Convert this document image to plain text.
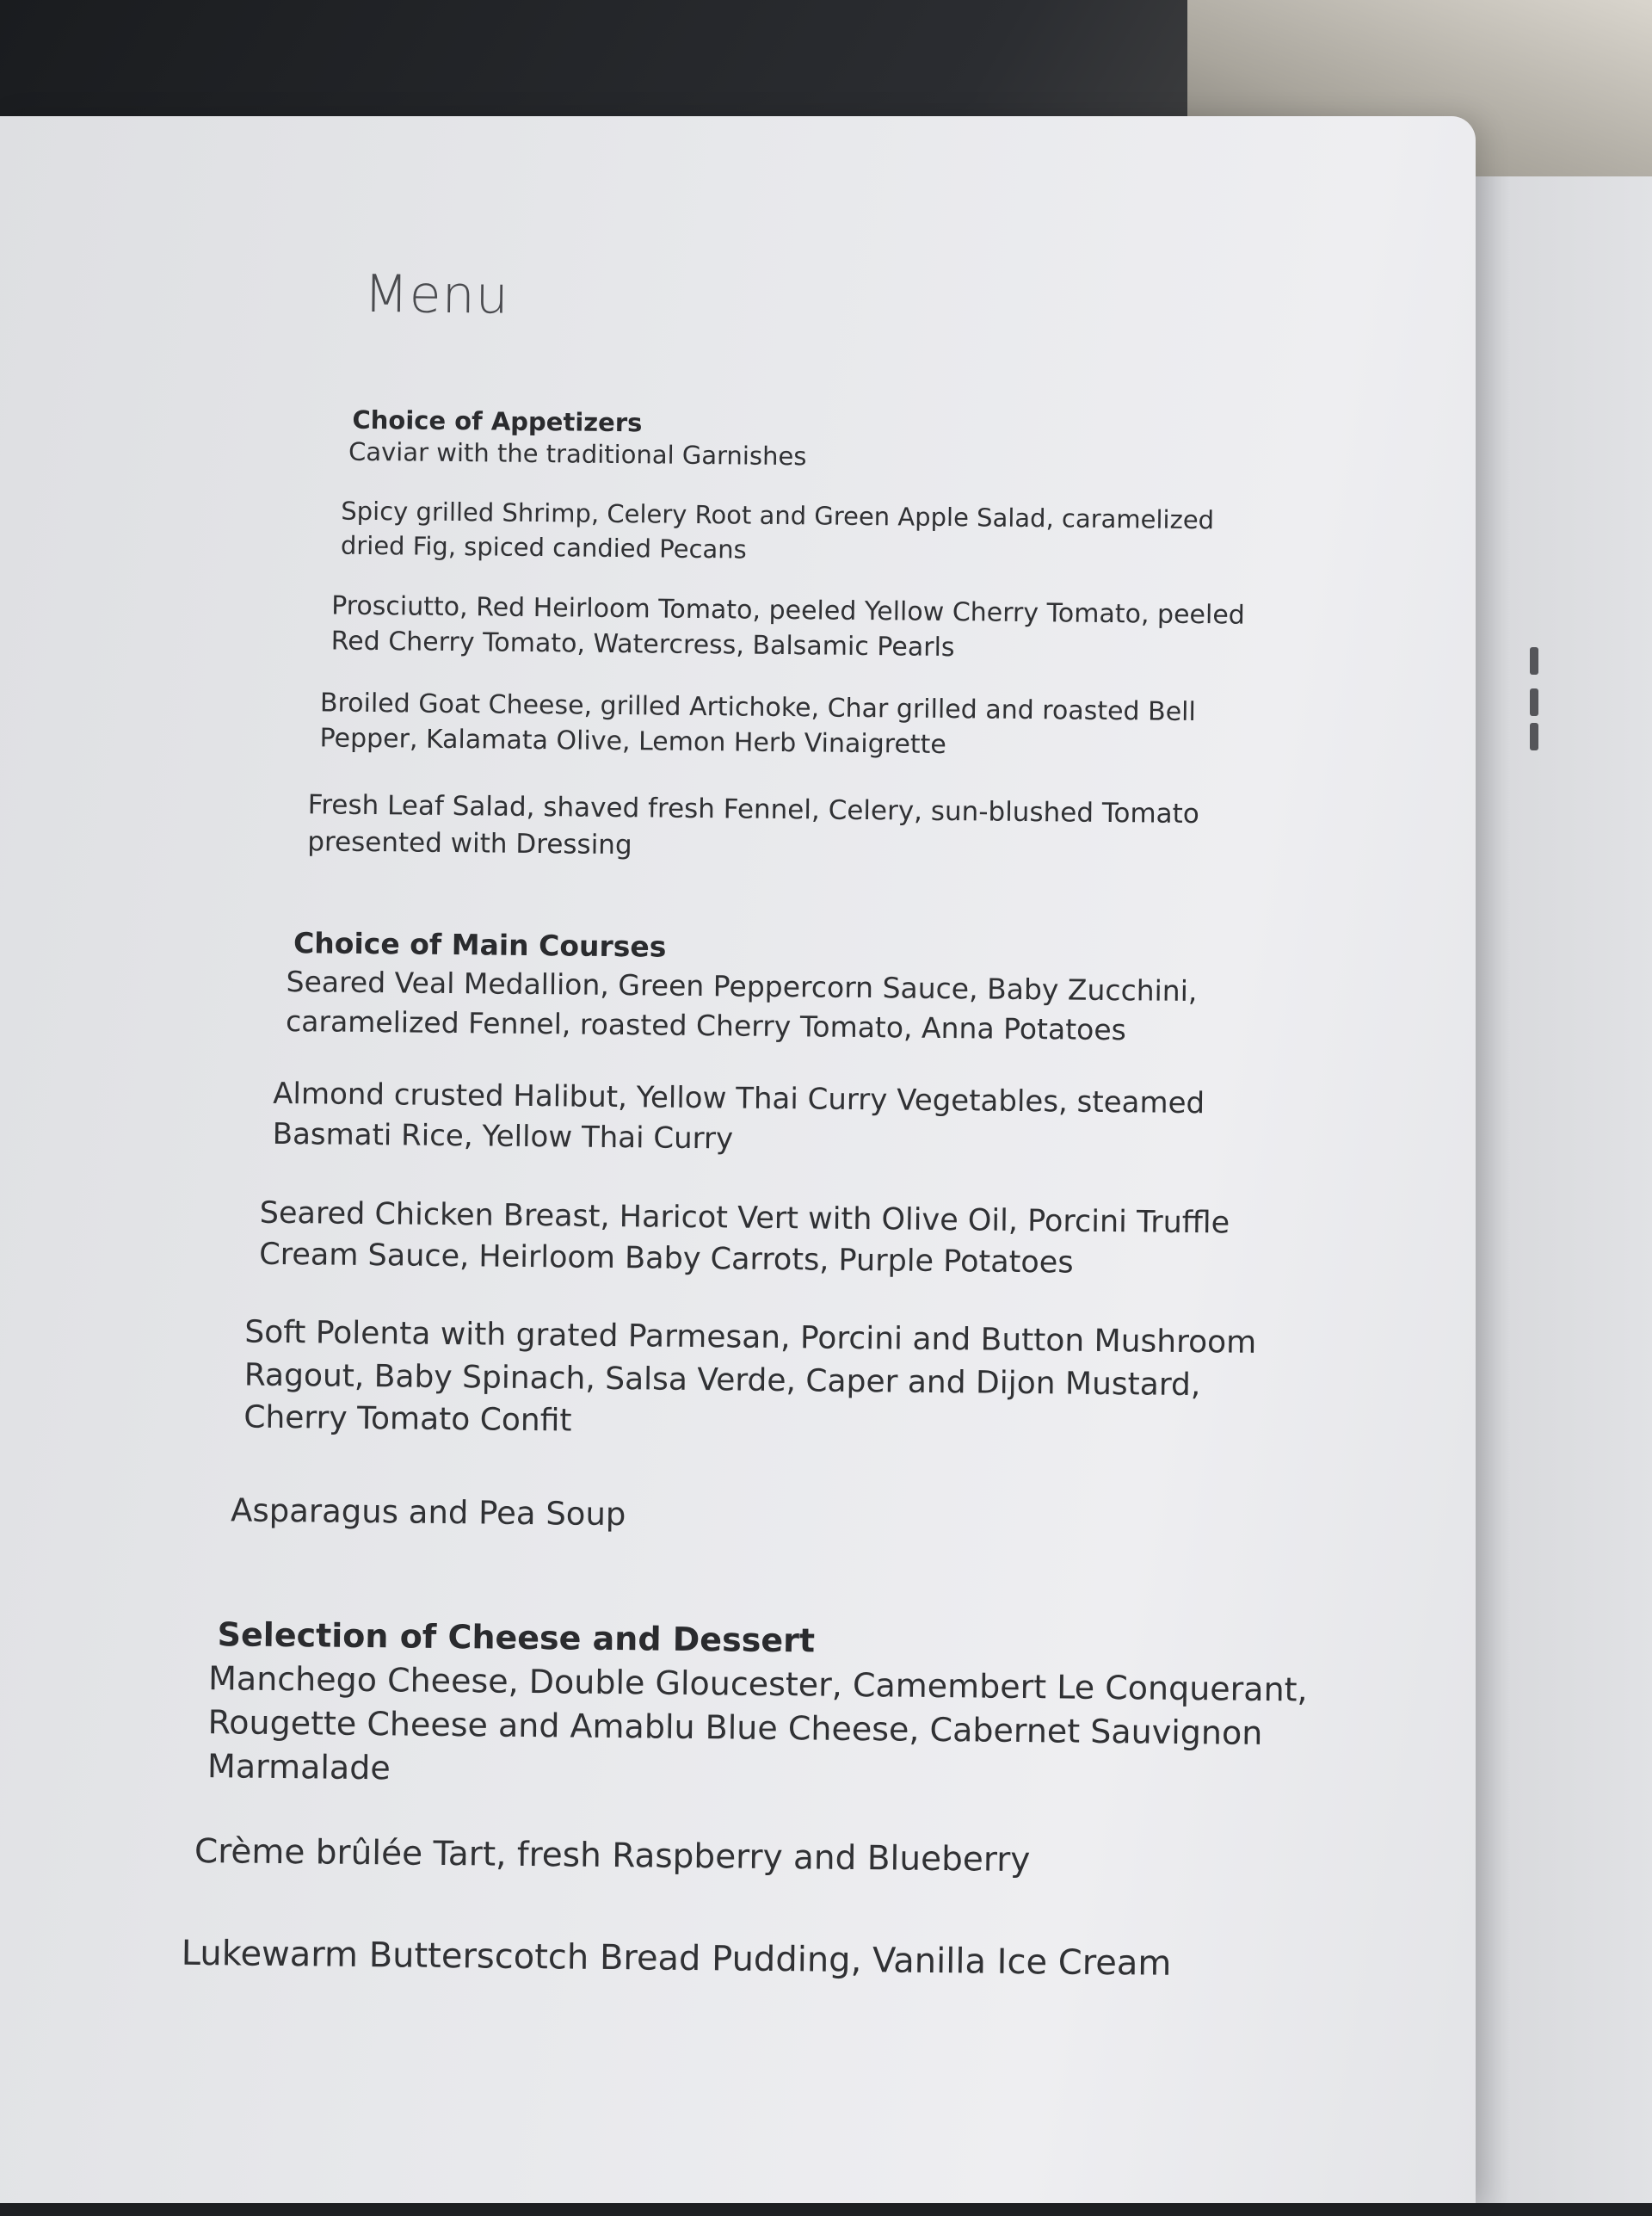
Menu
Choice of Appetizers

Caviar with the traditional Garnishes

Spicy grilled Shrimp, Celery Root and Green Apple Salad, caramelized dried Fig, spiced candied Pecans

Prosciutto, Red Heirloom Tomato, peeled Yellow Cherry Tomato, peeled Red Cherry Tomato, Watercress, Balsamic Pearls

Broiled Goat Cheese, grilled Artichoke, Char grilled and roasted Bell Pepper, Kalamata Olive, Lemon Herb Vinaigrette

Fresh Leaf Salad, shaved fresh Fennel, Celery, sun-blushed Tomato presented with Dressing

Choice of Main Courses

Seared Veal Medallion, Green Peppercorn Sauce, Baby Zucchini, caramelized Fennel, roasted Cherry Tomato, Anna Potatoes

Almond crusted Halibut, Yellow Thai Curry Vegetables, steamed Basmati Rice, Yellow Thai Curry

Seared Chicken Breast, Haricot Vert with Olive Oil, Porcini Truffle Cream Sauce, Heirloom Baby Carrots, Purple Potatoes

Soft Polenta with grated Parmesan, Porcini and Button Mushroom Ragout, Baby Spinach, Salsa Verde, Caper and Dijon Mustard, Cherry Tomato Confit

Asparagus and Pea Soup

Selection of Cheese and Dessert

Manchego Cheese, Double Gloucester, Camembert Le Conquerant, Rougette Cheese and Amablu Blue Cheese, Cabernet Sauvignon Marmalade

Crème brûlée Tart, fresh Raspberry and Blueberry

Lukewarm Butterscotch Bread Pudding, Vanilla Ice Cream
